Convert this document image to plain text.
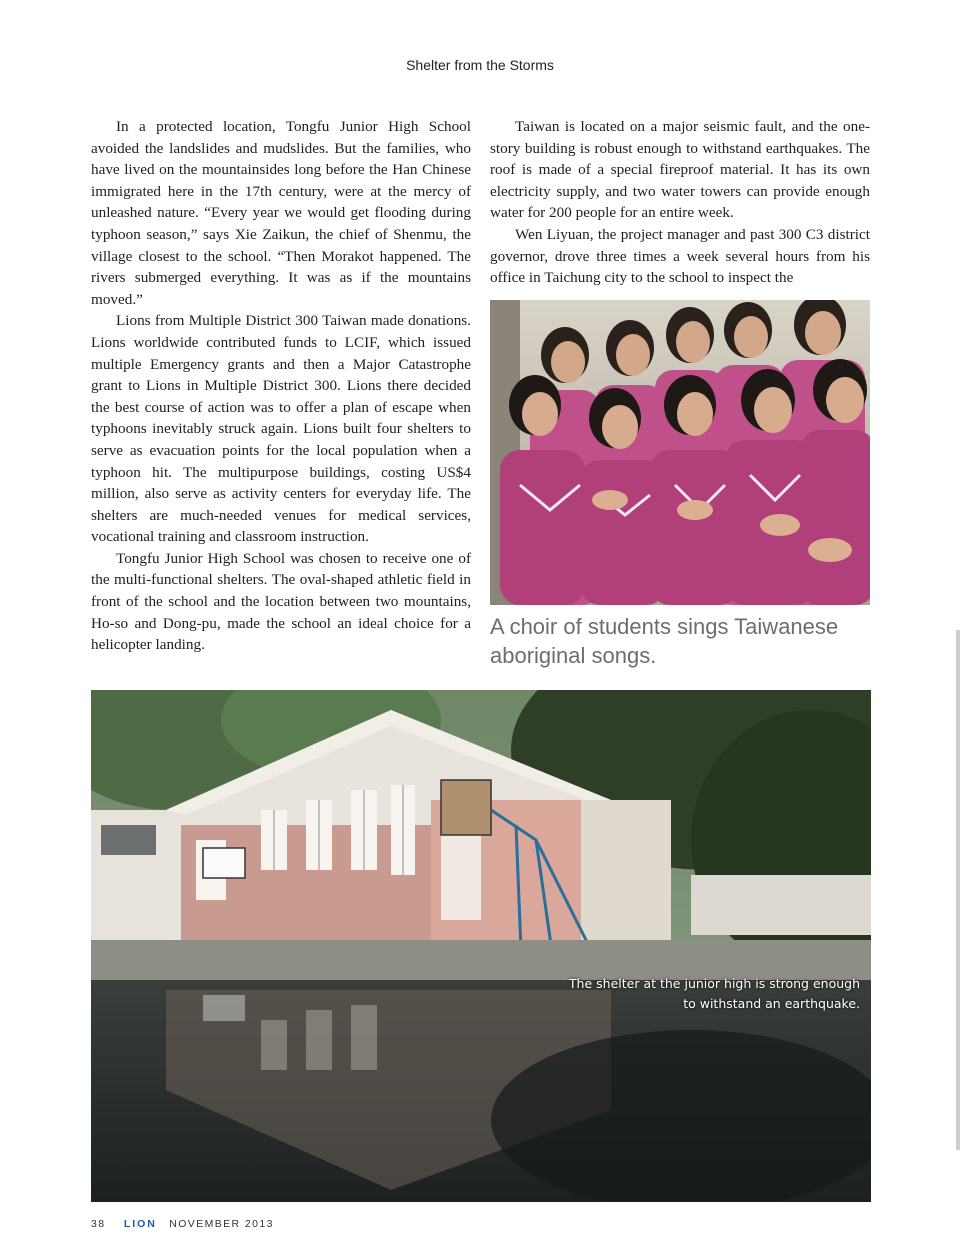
Shelter from the Storms

In a protected location, Tongfu Junior High School avoided the landslides and mudslides. But the families, who have lived on the mountainsides long before the Han Chinese immigrated here in the 17th century, were at the mercy of unleashed nature. “Every year we would get flooding during typhoon season,” says Xie Zaikun, the chief of Shenmu, the village closest to the school. “Then Morakot happened. The rivers submerged everything. It was as if the mountains moved.”

Lions from Multiple District 300 Taiwan made donations. Lions worldwide contributed funds to LCIF, which issued multiple Emergency grants and then a Major Catastrophe grant to Lions in Multiple District 300. Lions there decided the best course of action was to offer a plan of escape when typhoons inevitably struck again. Lions built four shelters to serve as evacuation points for the local population when a typhoon hit. The multipurpose buildings, costing US$4 million, also serve as activity centers for everyday life. The shelters are much-needed venues for medical services, vocational training and classroom instruction.

Tongfu Junior High School was chosen to receive one of the multi-functional shelters. The oval-shaped athletic field in front of the school and the location between two mountains, Ho-so and Dong-pu, made the school an ideal choice for a helicopter landing.

Taiwan is located on a major seismic fault, and the one-story building is robust enough to withstand earthquakes. The roof is made of a special fireproof material. It has its own electricity supply, and two water towers can provide enough water for 200 people for an entire week.

Wen Liyuan, the project manager and past 300 C3 district governor, drove three times a week several hours from his office in Taichung city to the school to inspect the

A choir of students sings Taiwanese aboriginal songs.
The shelter at the junior high is strong enough to withstand an earthquake.
38 LION NOVEMBER 2013
